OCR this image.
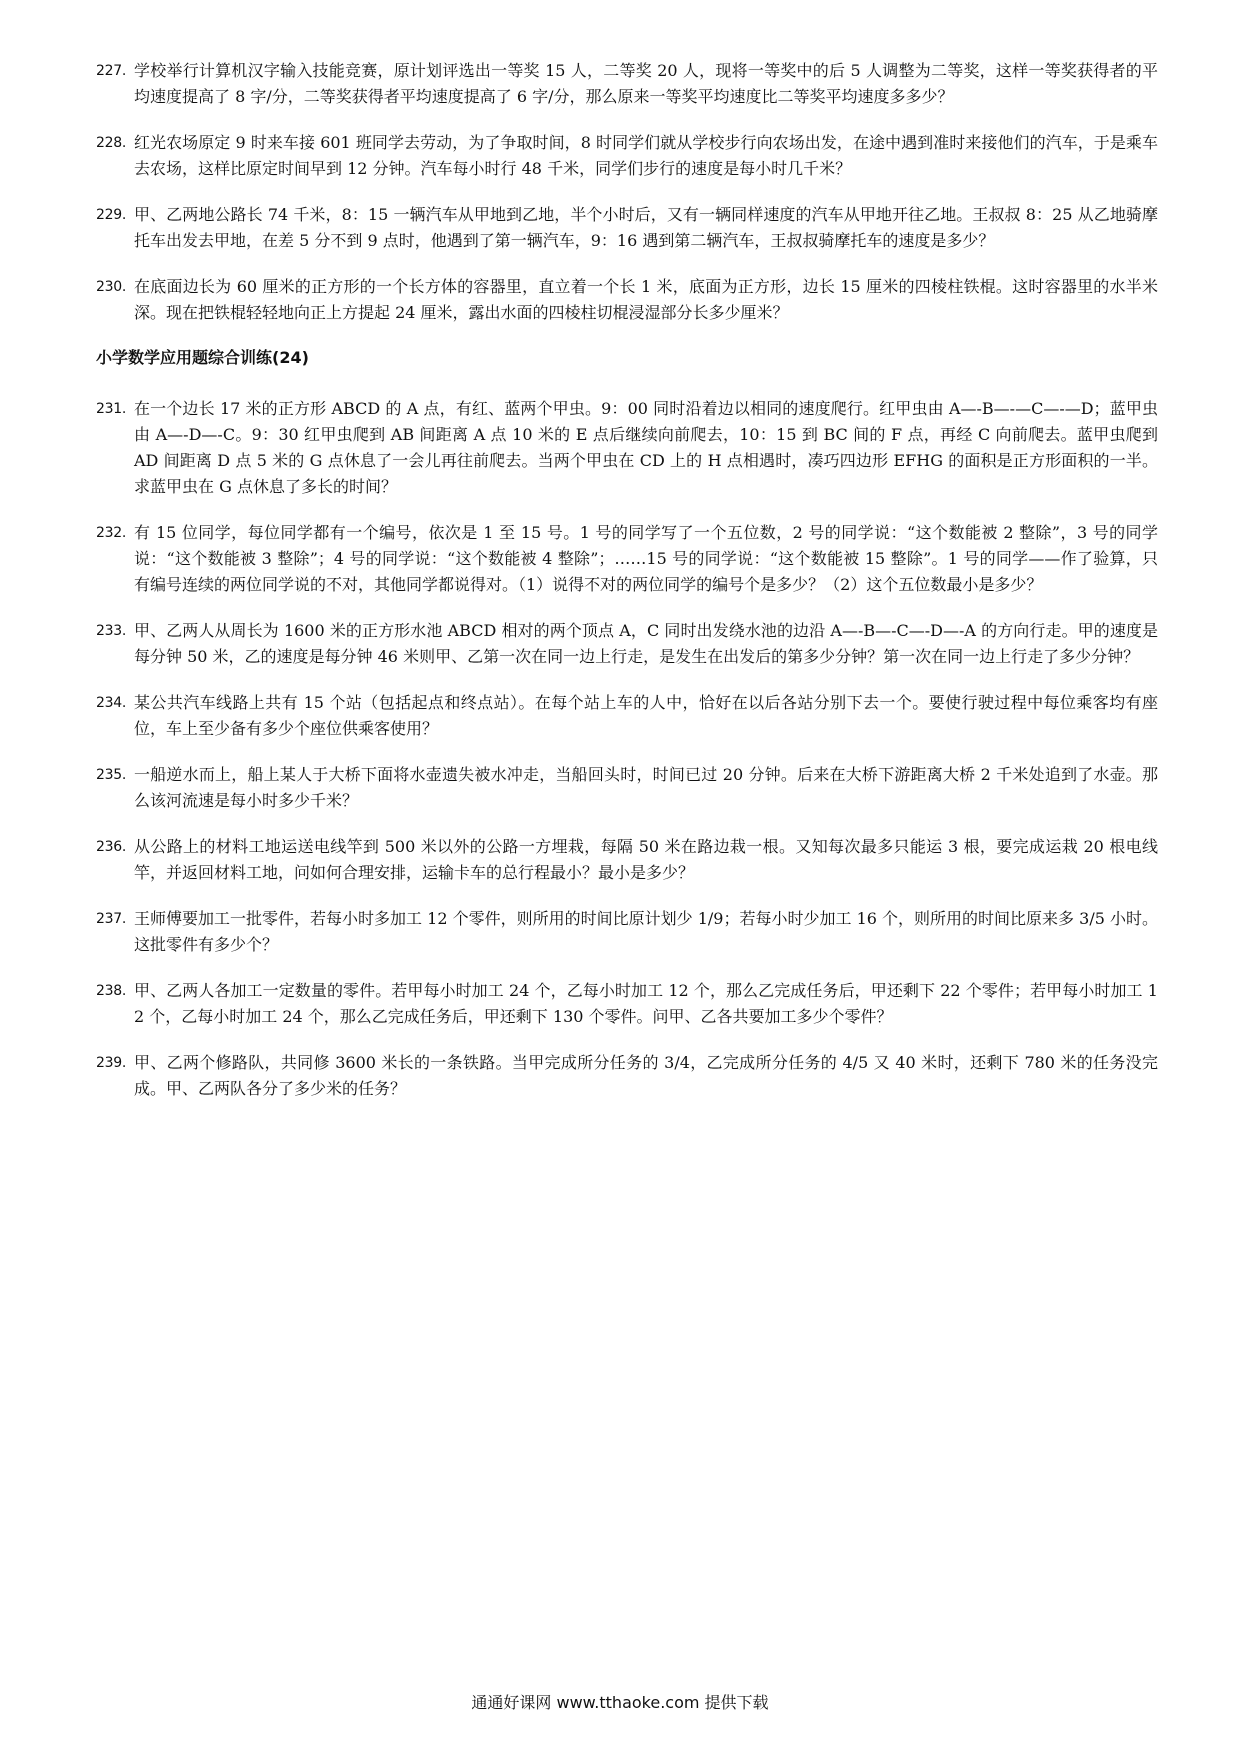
227. 学校举行计算机汉字输入技能竞赛，原计划评选出一等奖 15 人，二等奖 20 人，现将一等奖中的后 5 人调整为二等奖，这样一等奖获得者的平均速度提高了 8 字/分，二等奖获得者平均速度提高了 6 字/分，那么原来一等奖平均速度比二等奖平均速度多多少？
228. 红光农场原定 9 时来车接 601 班同学去劳动，为了争取时间，8 时同学们就从学校步行向农场出发，在途中遇到准时来接他们的汽车，于是乘车去农场，这样比原定时间早到 12 分钟。汽车每小时行 48 千米，同学们步行的速度是每小时几千米？
229. 甲、乙两地公路长 74 千米，8：15 一辆汽车从甲地到乙地，半个小时后，又有一辆同样速度的汽车从甲地开往乙地。王叔叔 8：25 从乙地骑摩托车出发去甲地，在差 5 分不到 9 点时，他遇到了第一辆汽车，9：16 遇到第二辆汽车，王叔叔骑摩托车的速度是多少？
230. 在底面边长为 60 厘米的正方形的一个长方体的容器里，直立着一个长 1 米，底面为正方形，边长 15 厘米的四棱柱铁棍。这时容器里的水半米深。现在把铁棍轻轻地向正上方提起 24 厘米，露出水面的四棱柱切棍浸湿部分长多少厘米？
小学数学应用题综合训练(24)
231. 在一个边长 17 米的正方形 ABCD 的 A 点，有红、蓝两个甲虫。9：00 同时沿着边以相同的速度爬行。红甲虫由 A—-B—-—C—-—D；蓝甲虫由 A—-D—-C。9：30 红甲虫爬到 AB 间距离 A 点 10 米的 E 点后继续向前爬去，10：15 到 BC 间的 F 点，再经 C 向前爬去。蓝甲虫爬到 AD 间距离 D 点 5 米的 G 点休息了一会儿再往前爬去。当两个甲虫在 CD 上的 H 点相遇时，凑巧四边形 EFHG 的面积是正方形面积的一半。求蓝甲虫在 G 点休息了多长的时间？
232. 有 15 位同学，每位同学都有一个编号，依次是 1 至 15 号。1 号的同学写了一个五位数，2 号的同学说：“这个数能被 2 整除”，3 号的同学说：“这个数能被 3 整除”；4 号的同学说：“这个数能被 4 整除”；……15 号的同学说：“这个数能被 15 整除”。1 号的同学——作了验算，只有编号连续的两位同学说的不对，其他同学都说得对。（1）说得不对的两位同学的编号个是多少？（2）这个五位数最小是多少？
233. 甲、乙两人从周长为 1600 米的正方形水池 ABCD 相对的两个顶点 A，C 同时出发绕水池的边沿 A—-B—-C—-D—-A 的方向行走。甲的速度是每分钟 50 米，乙的速度是每分钟 46 米则甲、乙第一次在同一边上行走，是发生在出发后的第多少分钟？第一次在同一边上行走了多少分钟？
234. 某公共汽车线路上共有 15 个站（包括起点和终点站）。在每个站上车的人中，恰好在以后各站分别下去一个。要使行驶过程中每位乘客均有座位，车上至少备有多少个座位供乘客使用？
235. 一船逆水而上，船上某人于大桥下面将水壶遗失被水冲走，当船回头时，时间已过 20 分钟。后来在大桥下游距离大桥 2 千米处追到了水壶。那么该河流速是每小时多少千米？
236. 从公路上的材料工地运送电线竿到 500 米以外的公路一方埋栽，每隔 50 米在路边栽一根。又知每次最多只能运 3 根，要完成运栽 20 根电线竿，并返回材料工地，问如何合理安排，运输卡车的总行程最小？最小是多少？
237. 王师傅要加工一批零件，若每小时多加工 12 个零件，则所用的时间比原计划少 1/9；若每小时少加工 16 个，则所用的时间比原来多 3/5 小时。这批零件有多少个？
238. 甲、乙两人各加工一定数量的零件。若甲每小时加工 24 个，乙每小时加工 12 个，那么乙完成任务后，甲还剩下 22 个零件；若甲每小时加工 12 个，乙每小时加工 24 个，那么乙完成任务后，甲还剩下 130 个零件。问甲、乙各共要加工多少个零件？
239. 甲、乙两个修路队，共同修 3600 米长的一条铁路。当甲完成所分任务的 3/4，乙完成所分任务的 4/5 又 40 米时，还剩下 780 米的任务没完成。甲、乙两队各分了多少米的任务？
通通好课网 www.tthaoke.com 提供下载
